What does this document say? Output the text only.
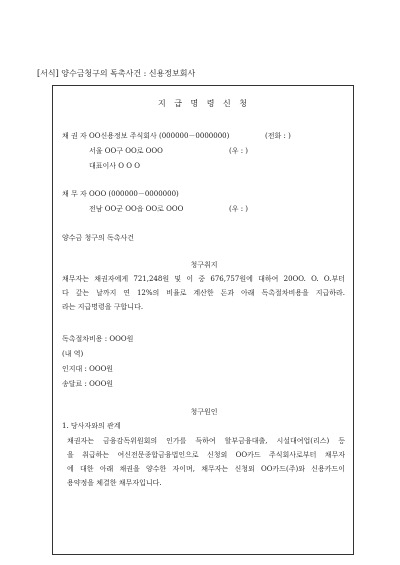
[서식] 양수금청구의 독촉사건 : 신용정보회사
지 급 명 령 신 청
채 권 자 OO신용정보 주식회사 (000000－0000000)	(전화 : )
서울 OO구 OO로 OOO	(우 : )
대표이사 O O O
채 무 자 OOO (000000－0000000)
전남 OO군 OO읍 OO로 OOO	(우 : )
양수금 청구의 독촉사건
청구취지
채무자는 채권자에게 721,248원 및 이 중 676,757원에 대하여 20OO. O. O.부터
다 갚는 날까지 연 12%의 비율로 계산한 돈과 아래 독촉절차비용을 지급하라.
라는 지급명령을 구합니다.
독촉절차비용 : OOO원
(내 역)
인지대 : OOO원
송달료 : OOO원
청구원인
1. 당사자와의 관계
채권자는 금융감독위원회의 인가를 득하여 할부금융대출, 시설대여업(리스) 등
을 취급하는 여신전문종합금융법인으로 신청외 OO카드 주식회사로부터 채무자
에 대한 아래 채권을 양수한 자이며, 채무자는 신청외 OO카드(주)와 신용카드이
용약정을 체결한 채무자입니다.
